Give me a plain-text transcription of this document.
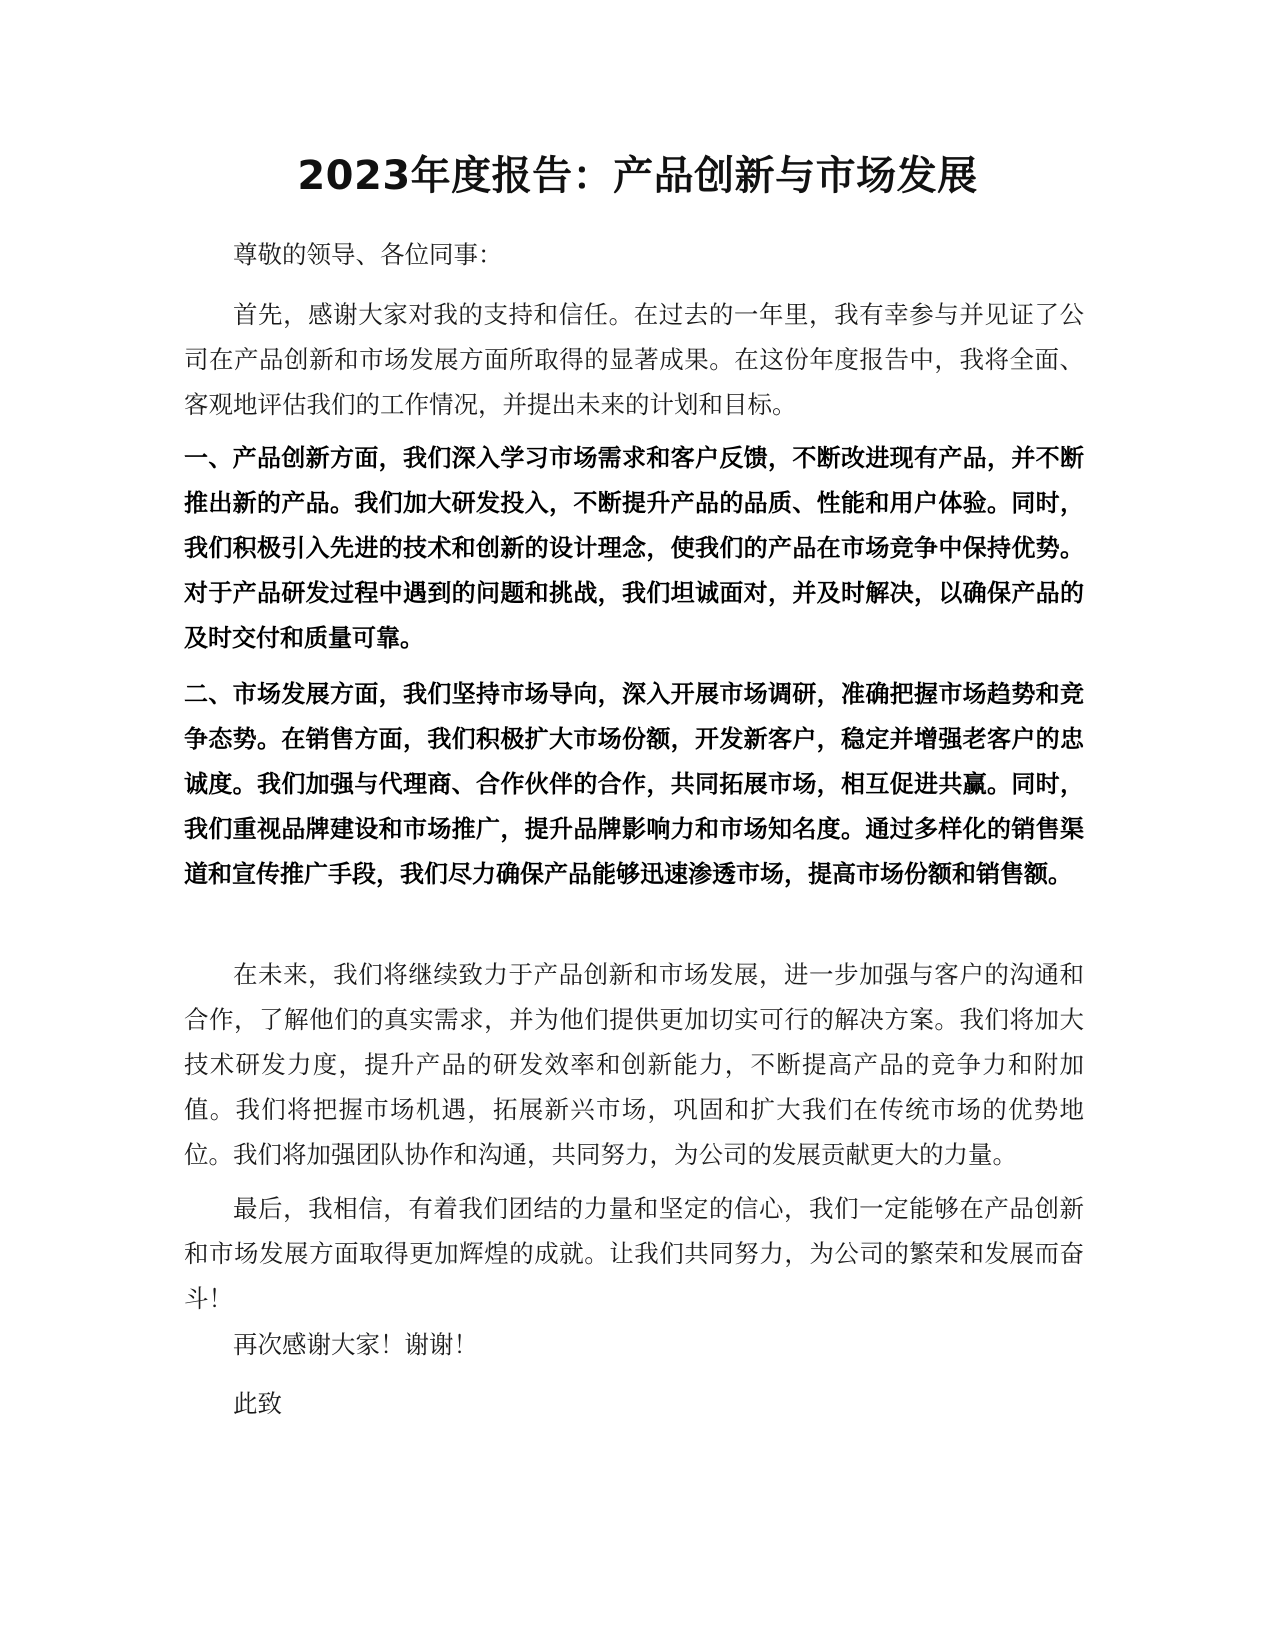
2023年度报告：产品创新与市场发展

尊敬的领导、各位同事：

首先，感谢大家对我的支持和信任。在过去的一年里，我有幸参与并见证了公司在产品创新和市场发展方面所取得的显著成果。在这份年度报告中，我将全面、客观地评估我们的工作情况，并提出未来的计划和目标。

一、产品创新方面，我们深入学习市场需求和客户反馈，不断改进现有产品，并不断推出新的产品。我们加大研发投入，不断提升产品的品质、性能和用户体验。同时，我们积极引入先进的技术和创新的设计理念，使我们的产品在市场竞争中保持优势。对于产品研发过程中遇到的问题和挑战，我们坦诚面对，并及时解决，以确保产品的及时交付和质量可靠。

二、市场发展方面，我们坚持市场导向，深入开展市场调研，准确把握市场趋势和竞争态势。在销售方面，我们积极扩大市场份额，开发新客户，稳定并增强老客户的忠诚度。我们加强与代理商、合作伙伴的合作，共同拓展市场，相互促进共赢。同时，我们重视品牌建设和市场推广，提升品牌影响力和市场知名度。通过多样化的销售渠道和宣传推广手段，我们尽力确保产品能够迅速渗透市场，提高市场份额和销售额。

在未来，我们将继续致力于产品创新和市场发展，进一步加强与客户的沟通和合作，了解他们的真实需求，并为他们提供更加切实可行的解决方案。我们将加大技术研发力度，提升产品的研发效率和创新能力，不断提高产品的竞争力和附加值。我们将把握市场机遇，拓展新兴市场，巩固和扩大我们在传统市场的优势地位。我们将加强团队协作和沟通，共同努力，为公司的发展贡献更大的力量。

最后，我相信，有着我们团结的力量和坚定的信心，我们一定能够在产品创新和市场发展方面取得更加辉煌的成就。让我们共同努力，为公司的繁荣和发展而奋斗！

再次感谢大家！谢谢！

此致
